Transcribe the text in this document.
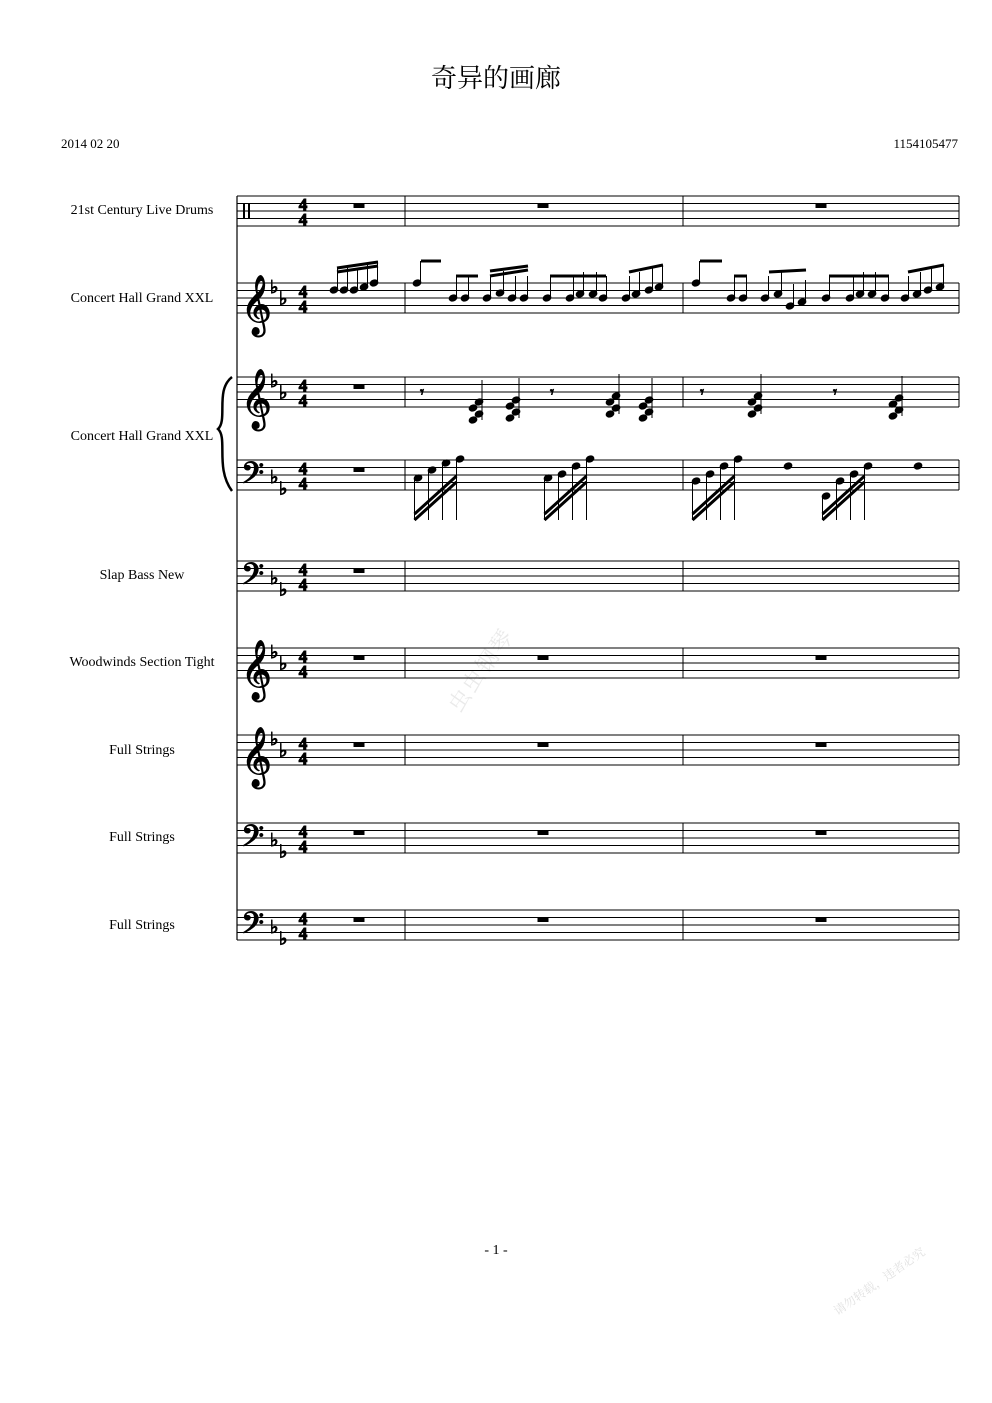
奇异的画廊
2014 02 20	1154105477
21st Century Live Drums
Concert Hall Grand XXL
Concert Hall Grand XXL
Slap Bass New
Woodwinds Section Tight
Full Strings
Full Strings
Full Strings
虫虫钢琴
请勿转载，违者必究
4
4
𝄞
♭
♭ 4
4
𝄞
♭
♭ 4
4
𝄢 ♭
♭
4
4
𝄢 ♭
♭
4
4
𝄞
♭
♭ 4
4
𝄞
♭
♭ 4
4
𝄢 ♭
♭
4
4
𝄢 ♭
♭
4
4
𝄾	𝄾	𝄾	𝄾
- 1 -
